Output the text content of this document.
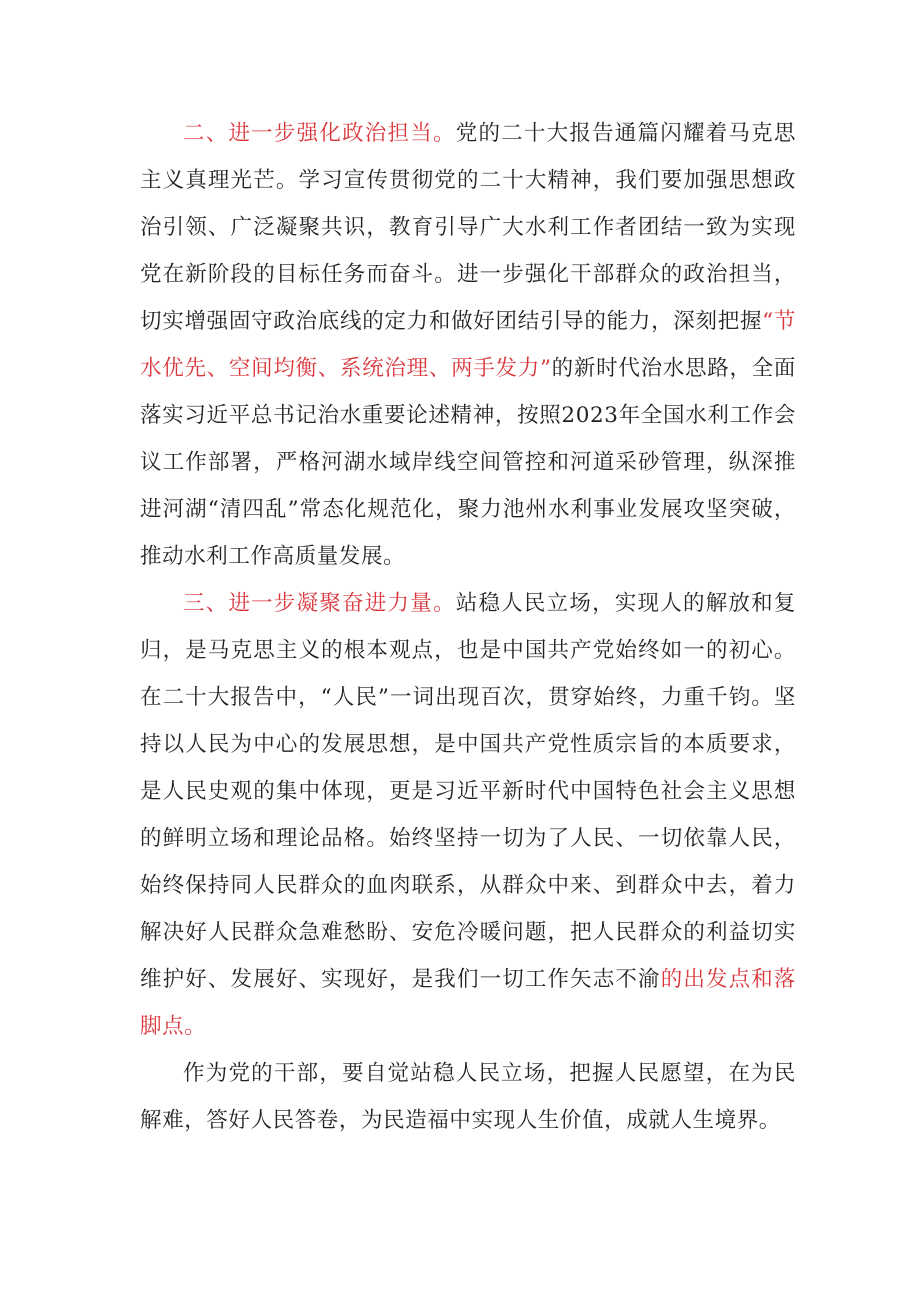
二、进一步强化政治担当。党的二十大报告通篇闪耀着马克思主义真理光芒。学习宣传贯彻党的二十大精神，我们要加强思想政治引领、广泛凝聚共识，教育引导广大水利工作者团结一致为实现党在新阶段的目标任务而奋斗。进一步强化干部群众的政治担当，切实增强固守政治底线的定力和做好团结引导的能力，深刻把握“节水优先、空间均衡、系统治理、两手发力”的新时代治水思路，全面落实习近平总书记治水重要论述精神，按照2023年全国水利工作会议工作部署，严格河湖水域岸线空间管控和河道采砂管理，纵深推进河湖“清四乱”常态化规范化，聚力池州水利事业发展攻坚突破，推动水利工作高质量发展。

三、进一步凝聚奋进力量。站稳人民立场，实现人的解放和复归，是马克思主义的根本观点，也是中国共产党始终如一的初心。在二十大报告中，“人民”一词出现百次，贯穿始终，力重千钧。坚持以人民为中心的发展思想，是中国共产党性质宗旨的本质要求，是人民史观的集中体现，更是习近平新时代中国特色社会主义思想的鲜明立场和理论品格。始终坚持一切为了人民、一切依靠人民，始终保持同人民群众的血肉联系，从群众中来、到群众中去，着力解决好人民群众急难愁盼、安危冷暖问题，把人民群众的利益切实维护好、发展好、实现好，是我们一切工作矢志不渝的出发点和落脚点。

作为党的干部，要自觉站稳人民立场，把握人民愿望，在为民解难，答好人民答卷，为民造福中实现人生价值，成就人生境界。
